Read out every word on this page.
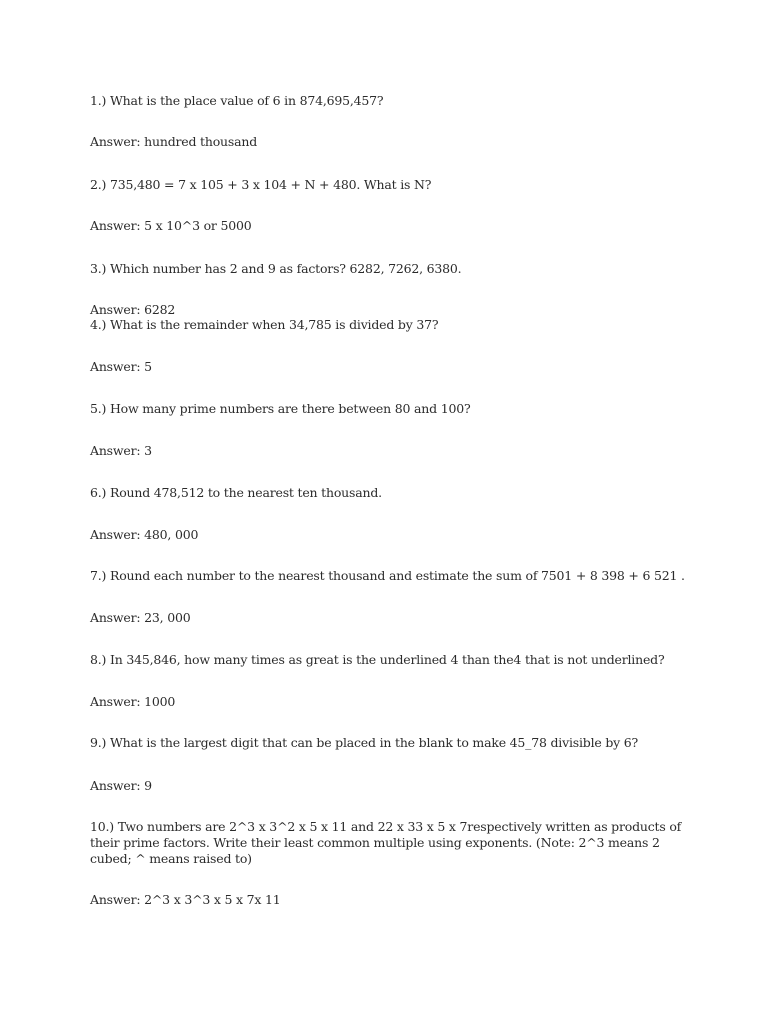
1.) What is the place value of 6 in 874,695,457?
Answer: hundred thousand
2.) 735,480 = 7 x 105 + 3 x 104 + N + 480. What is N?
Answer: 5 x 10^3 or 5000
3.) Which number has 2 and 9 as factors? 6282, 7262, 6380.
Answer: 6282
4.) What is the remainder when 34,785 is divided by 37?
Answer: 5
5.) How many prime numbers are there between 80 and 100?
Answer: 3
6.) Round 478,512 to the nearest ten thousand.
Answer: 480, 000
7.) Round each number to the nearest thousand and estimate the sum of 7501 + 8 398 + 6 521 .
Answer: 23, 000
8.) In 345,846, how many times as great is the underlined 4 than the4 that is not underlined?
Answer: 1000
9.) What is the largest digit that can be placed in the blank to make 45_78 divisible by 6?
Answer: 9
10.) Two numbers are 2^3 x 3^2 x 5 x 11 and 22 x 33 x 5 x 7respectively written as products of their prime factors. Write their least common multiple using exponents. (Note: 2^3 means 2 cubed; ^ means raised to)
Answer: 2^3 x 3^3 x 5 x 7x 11
